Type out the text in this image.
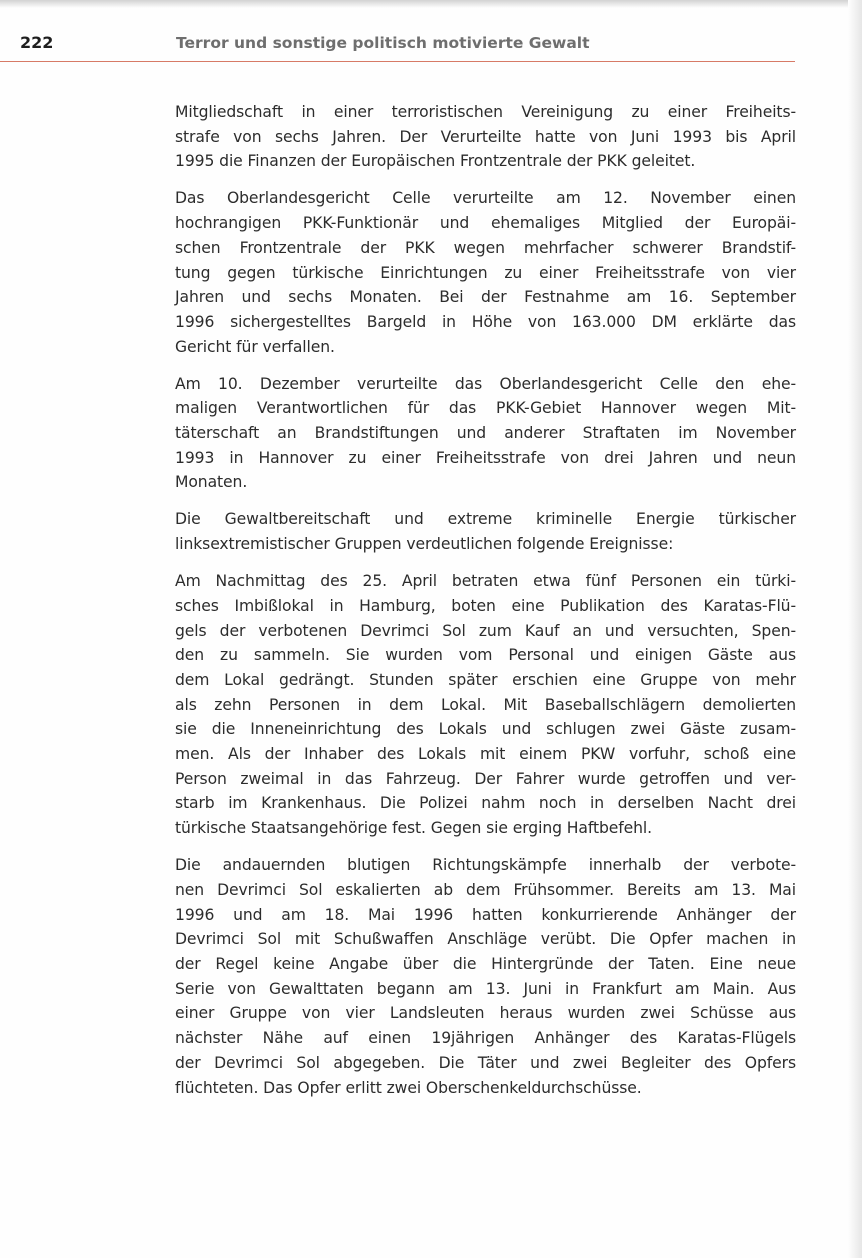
222	Terror und sonstige politisch motivierte Gewalt

Mitgliedschaft in einer terroristischen Vereinigung zu einer Freiheits-
strafe von sechs Jahren. Der Verurteilte hatte von Juni 1993 bis April
1995 die Finanzen der Europäischen Frontzentrale der PKK geleitet.

Das Oberlandesgericht Celle verurteilte am 12. November einen
hochrangigen PKK-Funktionär und ehemaliges Mitglied der Europäi-
schen Frontzentrale der PKK wegen mehrfacher schwerer Brandstif-
tung gegen türkische Einrichtungen zu einer Freiheitsstrafe von vier
Jahren und sechs Monaten. Bei der Festnahme am 16. September
1996 sichergestelltes Bargeld in Höhe von 163.000 DM erklärte das
Gericht für verfallen.

Am 10. Dezember verurteilte das Oberlandesgericht Celle den ehe-
maligen Verantwortlichen für das PKK-Gebiet Hannover wegen Mit-
täterschaft an Brandstiftungen und anderer Straftaten im November
1993 in Hannover zu einer Freiheitsstrafe von drei Jahren und neun
Monaten.

Die Gewaltbereitschaft und extreme kriminelle Energie türkischer
linksextremistischer Gruppen verdeutlichen folgende Ereignisse:

Am Nachmittag des 25. April betraten etwa fünf Personen ein türki-
sches Imbißlokal in Hamburg, boten eine Publikation des Karatas-Flü-
gels der verbotenen Devrimci Sol zum Kauf an und versuchten, Spen-
den zu sammeln. Sie wurden vom Personal und einigen Gäste aus
dem Lokal gedrängt. Stunden später erschien eine Gruppe von mehr
als zehn Personen in dem Lokal. Mit Baseballschlägern demolierten
sie die Inneneinrichtung des Lokals und schlugen zwei Gäste zusam-
men. Als der Inhaber des Lokals mit einem PKW vorfuhr, schoß eine
Person zweimal in das Fahrzeug. Der Fahrer wurde getroffen und ver-
starb im Krankenhaus. Die Polizei nahm noch in derselben Nacht drei
türkische Staatsangehörige fest. Gegen sie erging Haftbefehl.

Die andauernden blutigen Richtungskämpfe innerhalb der verbote-
nen Devrimci Sol eskalierten ab dem Frühsommer. Bereits am 13. Mai
1996 und am 18. Mai 1996 hatten konkurrierende Anhänger der
Devrimci Sol mit Schußwaffen Anschläge verübt. Die Opfer machen in
der Regel keine Angabe über die Hintergründe der Taten. Eine neue
Serie von Gewalttaten begann am 13. Juni in Frankfurt am Main. Aus
einer Gruppe von vier Landsleuten heraus wurden zwei Schüsse aus
nächster Nähe auf einen 19jährigen Anhänger des Karatas-Flügels
der Devrimci Sol abgegeben. Die Täter und zwei Begleiter des Opfers
flüchteten. Das Opfer erlitt zwei Oberschenkeldurchschüsse.
